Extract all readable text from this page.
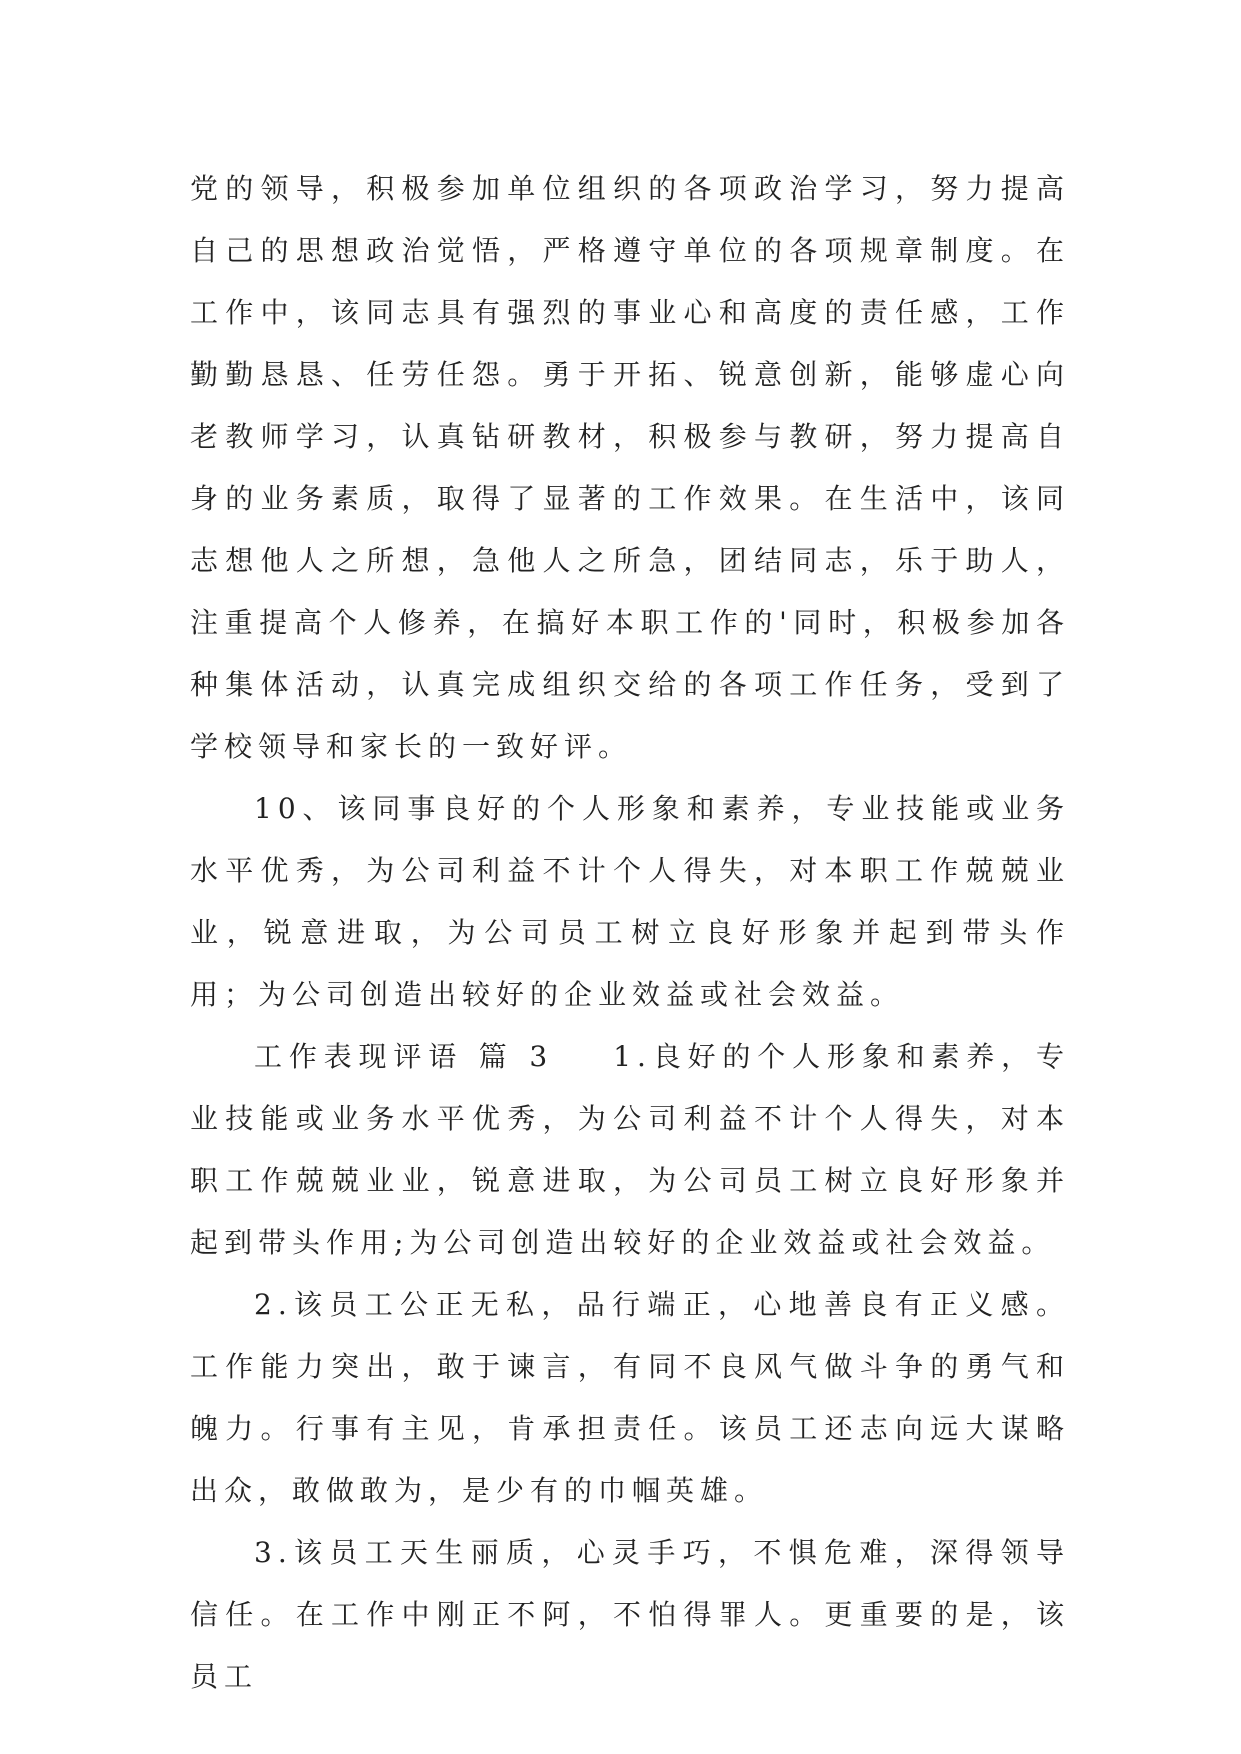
党的领导，积极参加单位组织的各项政治学习，努力提高自己的思想政治觉悟，严格遵守单位的各项规章制度。在工作中，该同志具有强烈的事业心和高度的责任感，工作勤勤恳恳、任劳任怨。勇于开拓、锐意创新，能够虚心向老教师学习，认真钻研教材，积极参与教研，努力提高自身的业务素质，取得了显著的工作效果。在生活中，该同志想他人之所想，急他人之所急，团结同志，乐于助人，注重提高个人修养，在搞好本职工作的'同时，积极参加各种集体活动，认真完成组织交给的各项工作任务，受到了学校领导和家长的一致好评。

10、该同事良好的个人形象和素养，专业技能或业务水平优秀，为公司利益不计个人得失，对本职工作兢兢业业，锐意进取，为公司员工树立良好形象并起到带头作用；为公司创造出较好的企业效益或社会效益。

工作表现评语 篇 3 1.良好的个人形象和素养，专业技能或业务水平优秀，为公司利益不计个人得失，对本职工作兢兢业业，锐意进取，为公司员工树立良好形象并起到带头作用;为公司创造出较好的企业效益或社会效益。

2.该员工公正无私，品行端正，心地善良有正义感。工作能力突出，敢于谏言，有同不良风气做斗争的勇气和魄力。行事有主见，肯承担责任。该员工还志向远大谋略出众，敢做敢为，是少有的巾帼英雄。

3.该员工天生丽质，心灵手巧，不惧危难，深得领导信任。在工作中刚正不阿，不怕得罪人。更重要的是，该员工
